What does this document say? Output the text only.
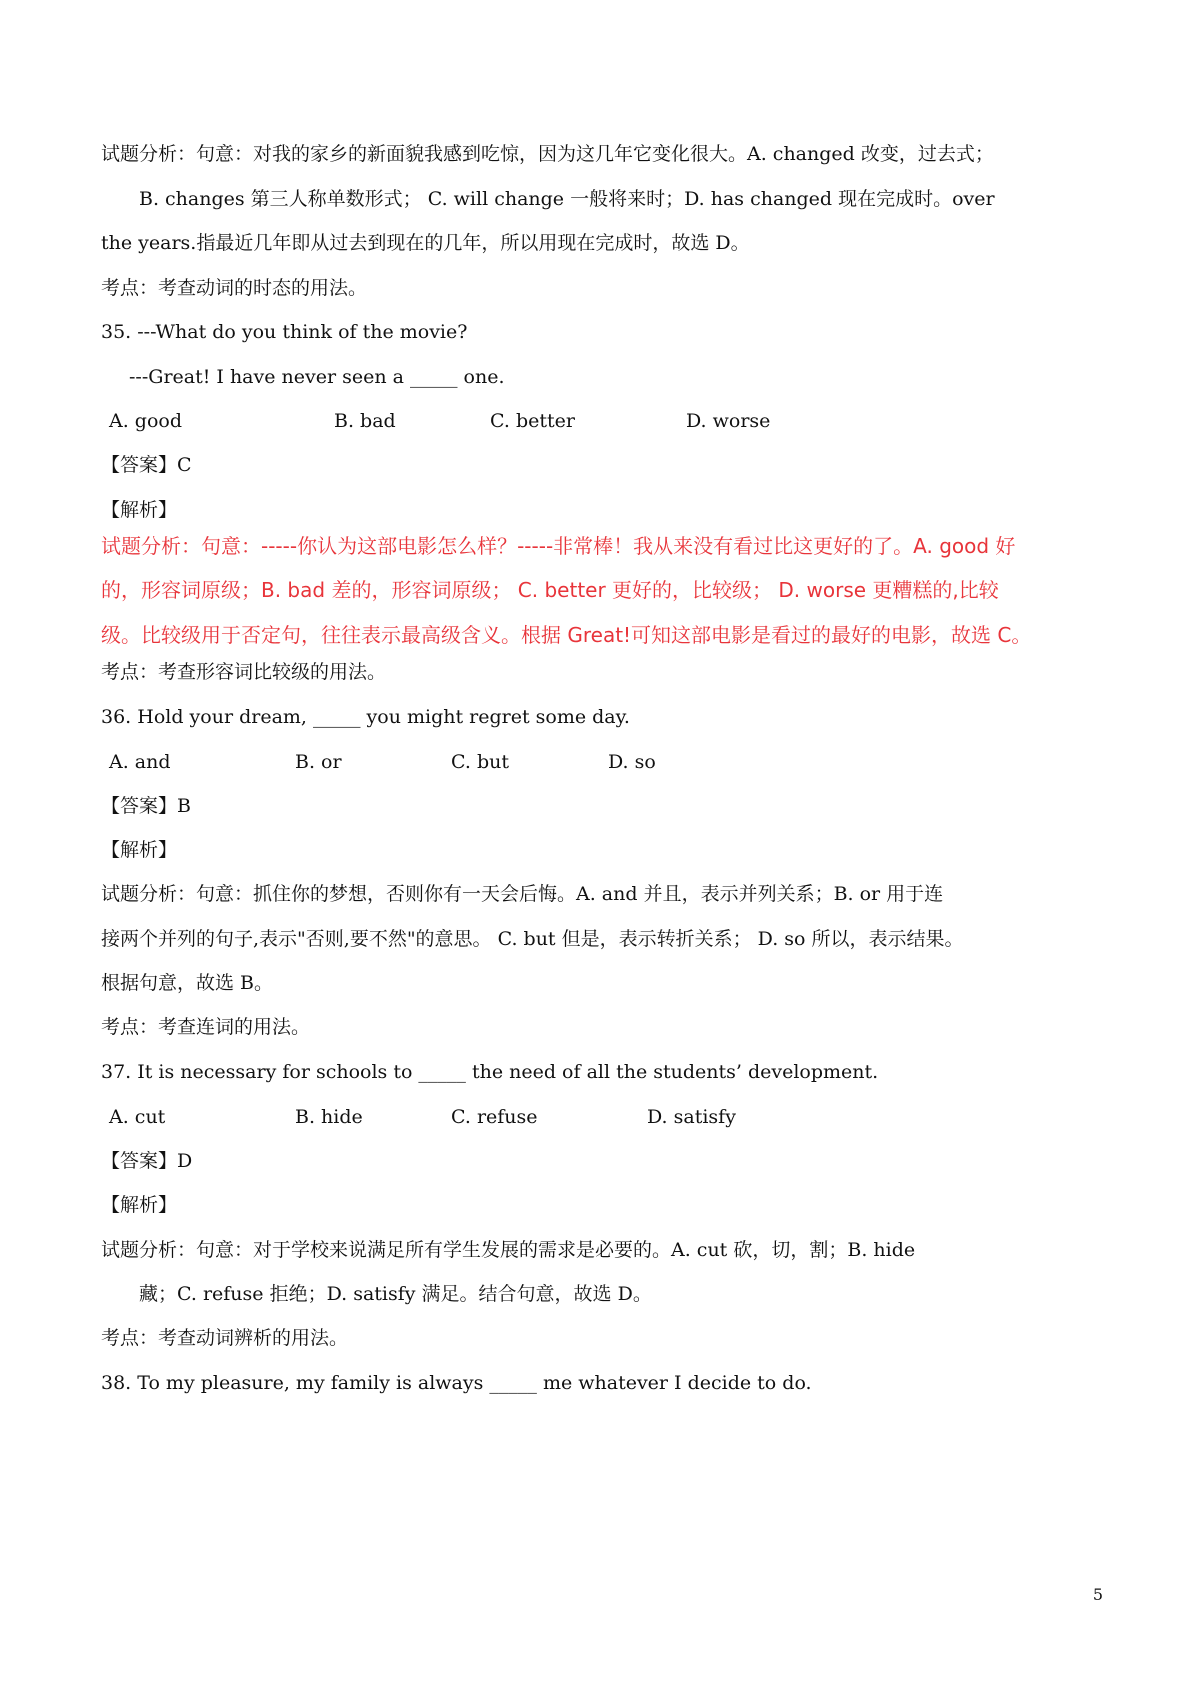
试题分析：句意：对我的家乡的新面貌我感到吃惊，因为这几年它变化很大。A. changed 改变，过去式；
B. changes 第三人称单数形式； C. will change 一般将来时；D. has changed 现在完成时。over
the years.指最近几年即从过去到现在的几年，所以用现在完成时，故选 D。
考点：考查动词的时态的用法。
35. ---What do you think of the movie?
---Great! I have never seen a _____ one.
A. good	B. bad	C. better	D. worse
【答案】C
【解析】
试题分析：句意：-----你认为这部电影怎么样？-----非常棒！我从来没有看过比这更好的了。A. good 好
的，形容词原级；B. bad 差的，形容词原级； C. better 更好的，比较级； D. worse 更糟糕的,比较
级。比较级用于否定句，往往表示最高级含义。根据 Great!可知这部电影是看过的最好的电影，故选 C。
考点：考查形容词比较级的用法。
36. Hold your dream, _____ you might regret some day.
A. and	B. or	C. but	D. so
【答案】B
【解析】
试题分析：句意：抓住你的梦想，否则你有一天会后悔。A. and 并且，表示并列关系；B. or 用于连
接两个并列的句子,表示"否则,要不然"的意思。 C. but 但是，表示转折关系； D. so 所以，表示结果。
根据句意，故选 B。
考点：考查连词的用法。
37. It is necessary for schools to _____ the need of all the students’ development.
A. cut	B. hide	C. refuse	D. satisfy
【答案】D
【解析】
试题分析：句意：对于学校来说满足所有学生发展的需求是必要的。A. cut 砍，切，割；B. hide
藏；C. refuse 拒绝；D. satisfy 满足。结合句意，故选 D。
考点：考查动词辨析的用法。
38. To my pleasure, my family is always _____ me whatever I decide to do.
5
